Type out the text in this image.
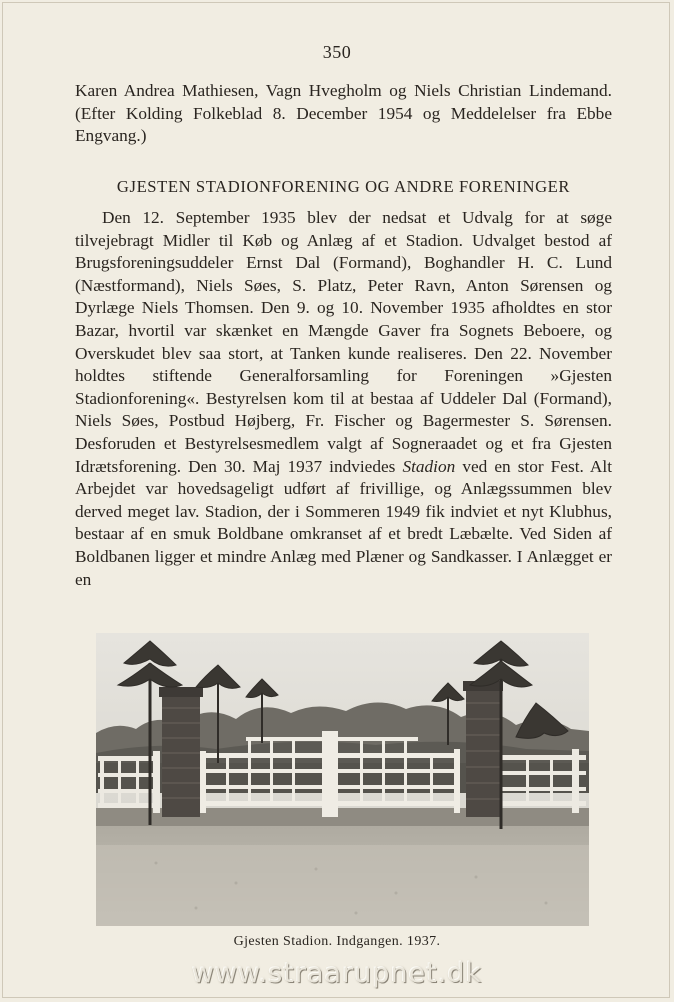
350

Karen Andrea Mathiesen, Vagn Hvegholm og Niels Christian Lindemand. (Efter Kolding Folkeblad 8. December 1954 og Meddelelser fra Ebbe Engvang.)

GJESTEN STADIONFORENING OG ANDRE FORENINGER

Den 12. September 1935 blev der nedsat et Udvalg for at søge tilvejebragt Midler til Køb og Anlæg af et Stadion. Udvalget bestod af Brugsforeningsuddeler Ernst Dal (Formand), Boghandler H. C. Lund (Næstformand), Niels Søes, S. Platz, Peter Ravn, Anton Sørensen og Dyrlæge Niels Thomsen. Den 9. og 10. November 1935 afholdtes en stor Bazar, hvortil var skænket en Mængde Gaver fra Sognets Beboere, og Overskudet blev saa stort, at Tanken kunde realiseres. Den 22. November holdtes stiftende Generalforsamling for Foreningen »Gjesten Stadionforening«. Bestyrelsen kom til at bestaa af Uddeler Dal (Formand), Niels Søes, Postbud Højberg, Fr. Fischer og Bagermester S. Sørensen. Desforuden et Bestyrelsesmedlem valgt af Sogneraadet og et fra Gjesten Idrætsforening. Den 30. Maj 1937 indviedes Stadion ved en stor Fest. Alt Arbejdet var hovedsageligt udført af frivillige, og Anlægssummen blev derved meget lav. Stadion, der i Sommeren 1949 fik indviet et nyt Klubhus, bestaar af en smuk Boldbane omkranset af et bredt Læbælte. Ved Siden af Boldbanen ligger et mindre Anlæg med Plæner og Sandkasser. I Anlægget er en

Gjesten Stadion. Indgangen. 1937.
www.straarupnet.dk
